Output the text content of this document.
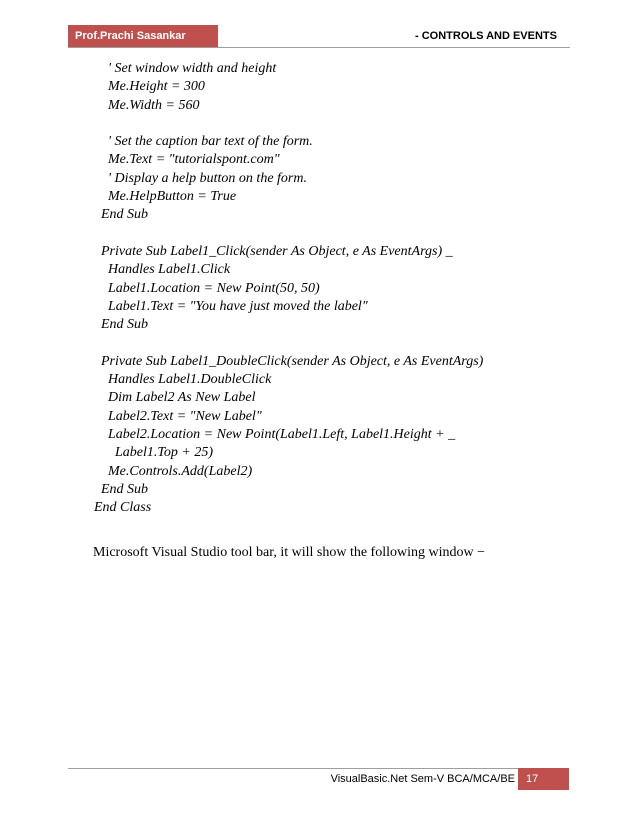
Prof.Prachi Sasankar	- CONTROLS AND EVENTS
' Set window width and height
Me.Height = 300
Me.Width = 560
' Set the caption bar text of the form.
Me.Text = "tutorialspont.com"
' Display a help button on the form.
Me.HelpButton = True
End Sub
Private Sub Label1_Click(sender As Object, e As EventArgs) _
Handles Label1.Click
Label1.Location = New Point(50, 50)
Label1.Text = "You have just moved the label"
End Sub
Private Sub Label1_DoubleClick(sender As Object, e As EventArgs)
Handles Label1.DoubleClick
Dim Label2 As New Label
Label2.Text = "New Label"
Label2.Location = New Point(Label1.Left, Label1.Height + _
Label1.Top + 25)
Me.Controls.Add(Label2)
End Sub
End Class
Microsoft Visual Studio tool bar, it will show the following window −
VisualBasic.Net Sem-V BCA/MCA/BE	17
